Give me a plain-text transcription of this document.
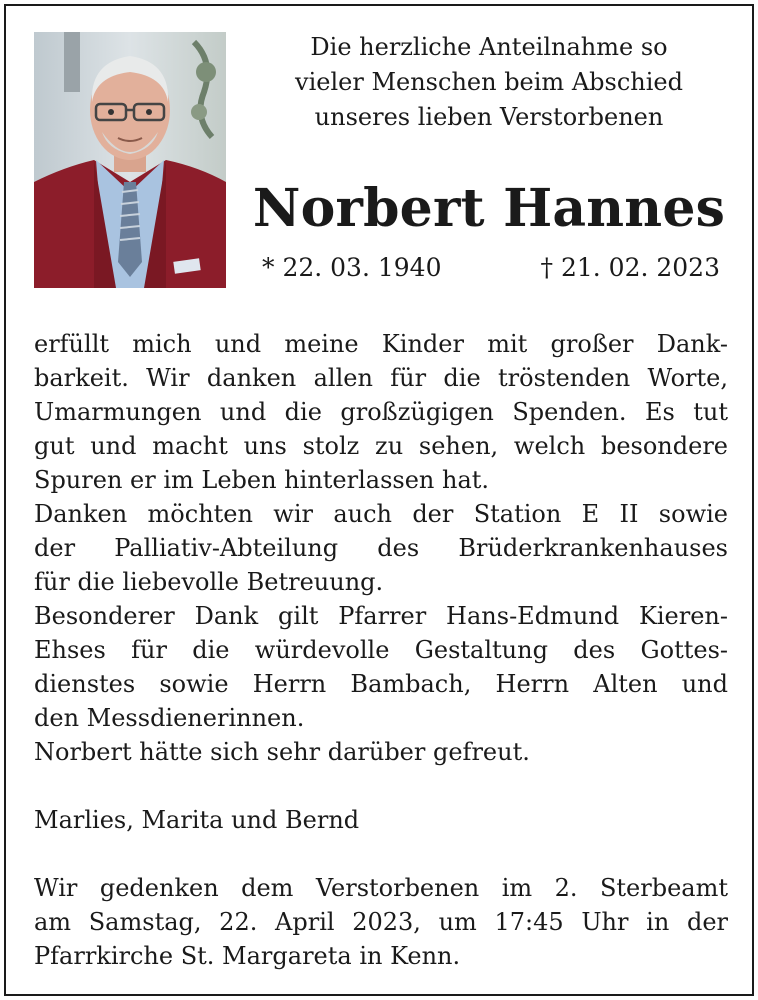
Die herzliche Anteilnahme so
vieler Menschen beim Abschied
unseres lieben Verstorbenen
Norbert Hannes
* 22. 03. 1940	† 21. 02. 2023
erfüllt mich und meine Kinder mit großer Dank-
barkeit. Wir danken allen für die tröstenden Worte,
Umarmungen und die großzügigen Spenden. Es tut
gut und macht uns stolz zu sehen, welch besondere
Spuren er im Leben hinterlassen hat.
Danken möchten wir auch der Station E II sowie
der Palliativ-Abteilung des Brüderkrankenhauses
für die liebevolle Betreuung.
Besonderer Dank gilt Pfarrer Hans-Edmund Kieren-
Ehses für die würdevolle Gestaltung des Gottes-
dienstes sowie Herrn Bambach, Herrn Alten und
den Messdienerinnen.
Norbert hätte sich sehr darüber gefreut.
Marlies, Marita und Bernd
Wir gedenken dem Verstorbenen im 2. Sterbeamt
am Samstag, 22. April 2023, um 17:45 Uhr in der
Pfarrkirche St. Margareta in Kenn.
